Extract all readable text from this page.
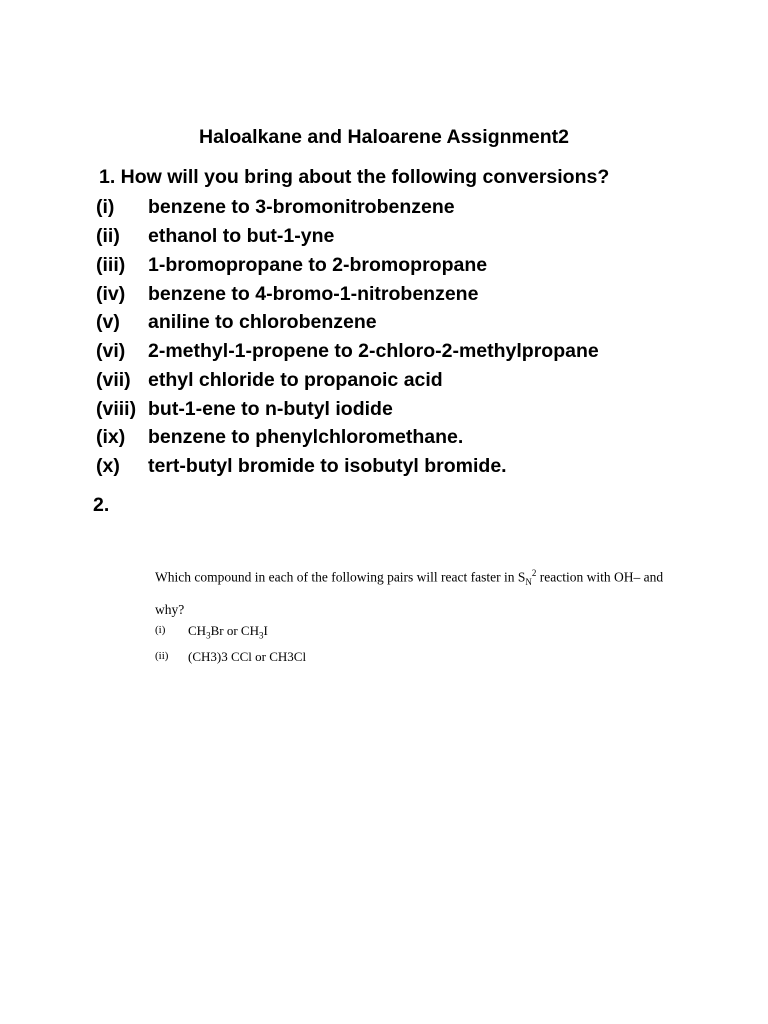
Haloalkane and Haloarene Assignment2
1. How will you bring about the following conversions?
(i) benzene to 3-bromonitrobenzene
(ii) ethanol to but-1-yne
(iii) 1-bromopropane to 2-bromopropane
(iv) benzene to 4-bromo-1-nitrobenzene
(v) aniline to chlorobenzene
(vi) 2-methyl-1-propene to 2-chloro-2-methylpropane
(vii) ethyl chloride to propanoic acid
(viii) but-1-ene to n-butyl iodide
(ix) benzene to phenylchloromethane.
(x) tert-butyl bromide to isobutyl bromide.
2.
Which compound in each of the following pairs will react faster in $S_N^2$ reaction with OH– and
why?
(i) $CH_3Br$ or $CH_3I$
(ii) (CH3)3 CCl or CH3Cl
